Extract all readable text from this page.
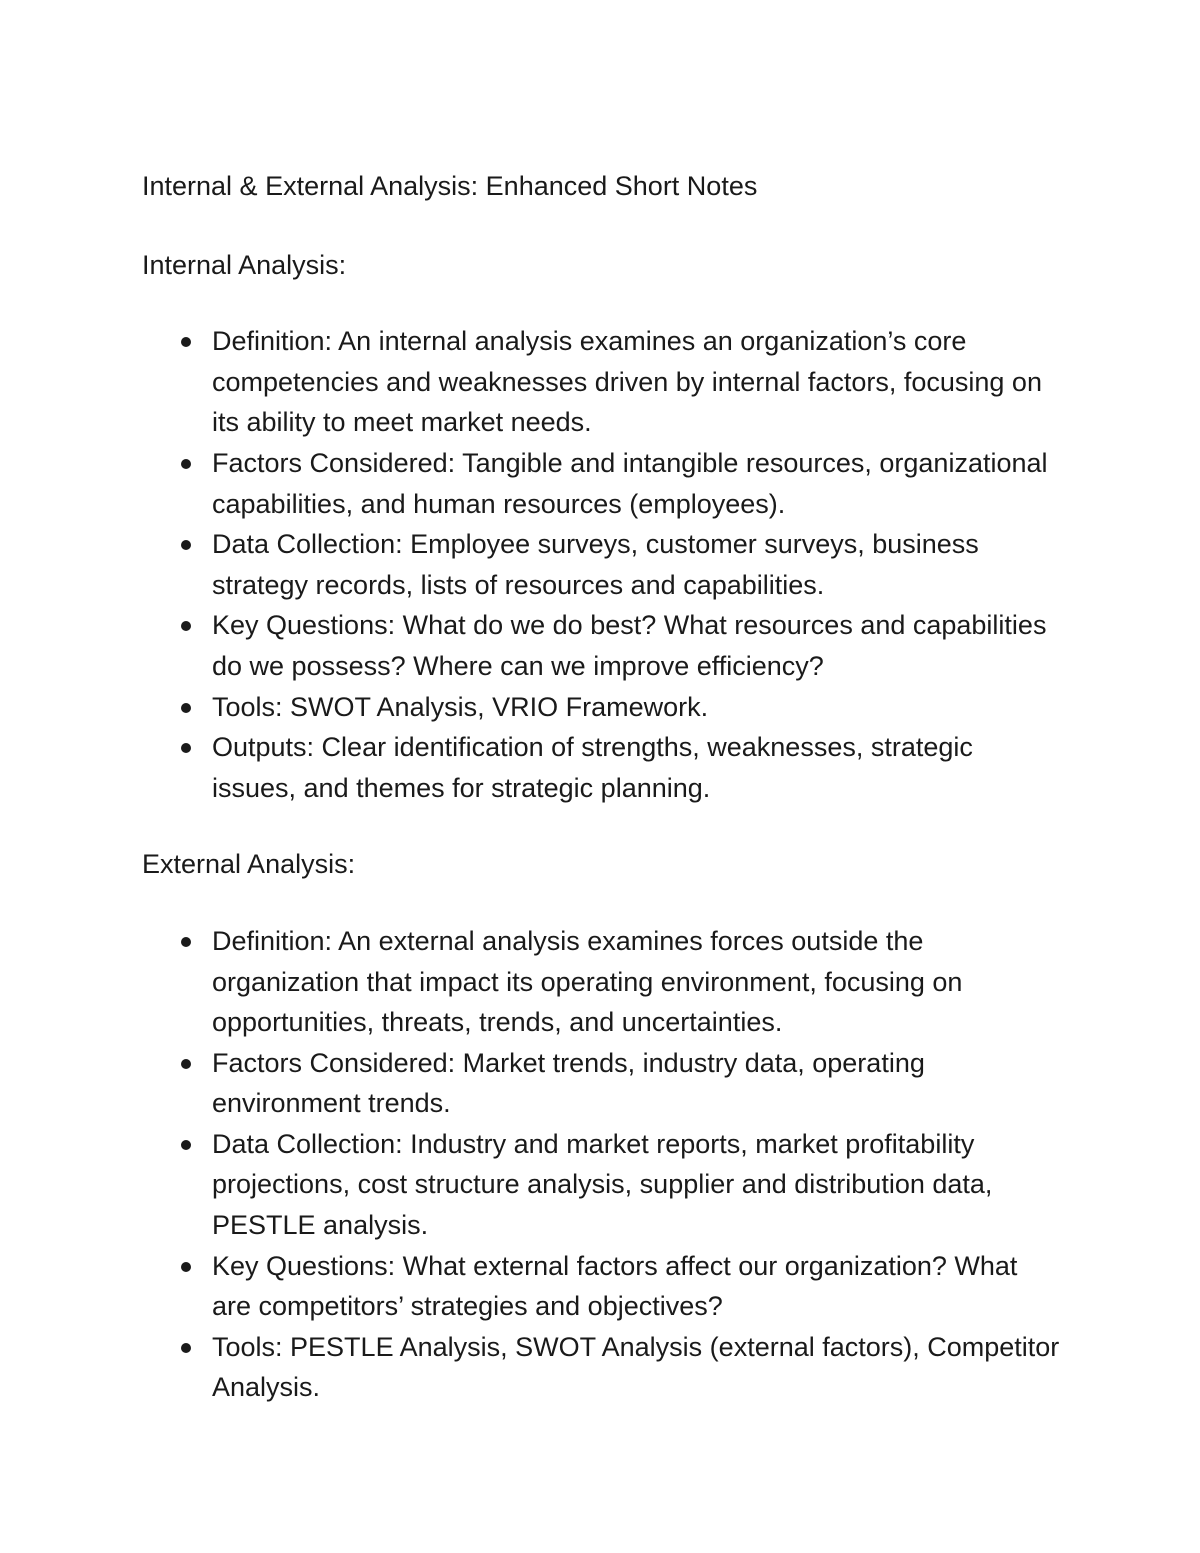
Internal & External Analysis: Enhanced Short Notes
Internal Analysis:
Definition: An internal analysis examines an organization’s core competencies and weaknesses driven by internal factors, focusing on its ability to meet market needs.
Factors Considered: Tangible and intangible resources, organizational capabilities, and human resources (employees).
Data Collection: Employee surveys, customer surveys, business strategy records, lists of resources and capabilities.
Key Questions: What do we do best? What resources and capabilities do we possess? Where can we improve efficiency?
Tools: SWOT Analysis, VRIO Framework.
Outputs: Clear identification of strengths, weaknesses, strategic issues, and themes for strategic planning.
External Analysis:
Definition: An external analysis examines forces outside the organization that impact its operating environment, focusing on opportunities, threats, trends, and uncertainties.
Factors Considered: Market trends, industry data, operating environment trends.
Data Collection: Industry and market reports, market profitability projections, cost structure analysis, supplier and distribution data, PESTLE analysis.
Key Questions: What external factors affect our organization? What are competitors’ strategies and objectives?
Tools: PESTLE Analysis, SWOT Analysis (external factors), Competitor Analysis.
